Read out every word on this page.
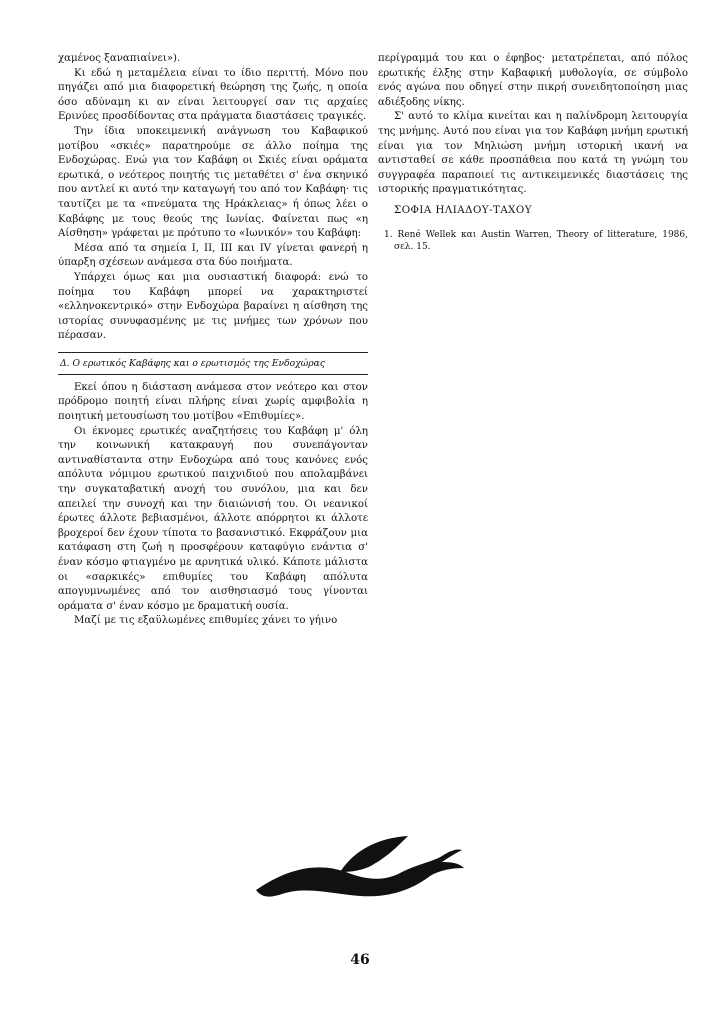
χαμένος ξαναπιαίνει»).

Κι εδώ η μεταμέλεια είναι το ίδιο περιττή. Μόνο που πηγάζει από μια διαφορετική θεώρηση της ζωής, η οποία όσο αδύναμη κι αν είναι λειτουργεί σαν τις αρχαίες Ερινύες προσδίδοντας στα πράγματα διαστάσεις τραγικές.

Την ίδια υποκειμενική ανάγνωση του Καβαφικού μοτίβου «σκιές» παρατηρούμε σε άλλο ποίημα της Ενδοχώρας. Ενώ για τον Καβάφη οι Σκιές είναι οράματα ερωτικά, ο νεότερος ποιητής τις μεταθέτει σ' ένα σκηνικό που αντλεί κι αυτό την καταγωγή του από τον Καβάφη· τις ταυτίζει με τα «πνεύματα της Ηράκλειας» ή όπως λέει ο Καβάφης με τους θεούς της Ιωνίας. Φαίνεται πως «η Αίσθηση» γράφεται με πρότυπο το «Ιωνικόν» του Καβάφη:

Μέσα από τα σημεία Ι, ΙΙ, ΙΙΙ και ΙV γίνεται φανερή η ύπαρξη σχέσεων ανάμεσα στα δύο ποιήματα.

Υπάρχει όμως και μια ουσιαστική διαφορά: ενώ το ποίημα του Καβάφη μπορεί να χαρακτηριστεί «ελληνοκεντρικό» στην Ενδοχώρα βαραίνει η αίσθηση της ιστορίας συνυφασμένης με τις μνήμες των χρόνων που πέρασαν.

Δ. Ο ερωτικός Καβάφης και ο ερωτισμός της Ενδοχώρας

Εκεί όπου η διάσταση ανάμεσα στον νεότερο και στον πρόδρομο ποιητή είναι πλήρης είναι χωρίς αμφιβολία η ποιητική μετουσίωση του μοτίβου «Επιθυμίες».

Οι έκνομες ερωτικές αναζητήσεις του Καβάφη μ' όλη την κοινωνική κατακραυγή που συνεπάγονταν αντιναθίσταντα στην Ενδοχώρα από τους κανόνες ενός απόλυτα νόμιμου ερωτικού παιχνιδιού που απολαμβάνει την συγκαταβατική ανοχή του συνόλου, μια και δεν απειλεί την συνοχή και την διαιώνισή του. Οι νεανικοί έρωτες άλλοτε βεβιασμένοι, άλλοτε απόρρητοι κι άλλοτε βροχεροί δεν έχουν τίποτα το βασανιστικό. Εκφράζουν μια κατάφαση στη ζωή η προσφέρουν καταφύγιο ενάντια σ' έναν κόσμο φτιαγμένο με αρνητικά υλικό. Κάποτε μάλιστα οι «σαρκικές» επιθυμίες του Καβάφη απόλυτα απογυμνωμένες από τον αισθησιασμό τους γίνονται οράματα σ' έναν κόσμο με δραματική ουσία.

Μαζί με τις εξαϋλωμένες επιθυμίες χάνει το γήινο

περίγραμμά του και ο έφηβος· μετατρέπεται, από πόλος ερωτικής έλξης στην Καβαφική μυθολογία, σε σύμβολο ενός αγώνα που οδηγεί στην πικρή συνειδητοποίηση μιας αδιέξοδης νίκης.

Σ' αυτό το κλίμα κινείται και η παλίνδρομη λειτουργία της μνήμης. Αυτό που είναι για τον Καβάφη μνήμη ερωτική είναι για τον Μηλιώση μνήμη ιστορική ικανή να αντισταθεί σε κάθε προσπάθεια που κατά τη γνώμη του συγγραφέα παραποιεί τις αντικειμενικές διαστάσεις της ιστορικής πραγματικότητας.

ΣΟΦΙΑ ΗΛΙΑΔΟΥ-ΤΑΧΟΥ

1. René Wellek και Austin Warren, Theory of litterature, 1986, σελ. 15.

46
